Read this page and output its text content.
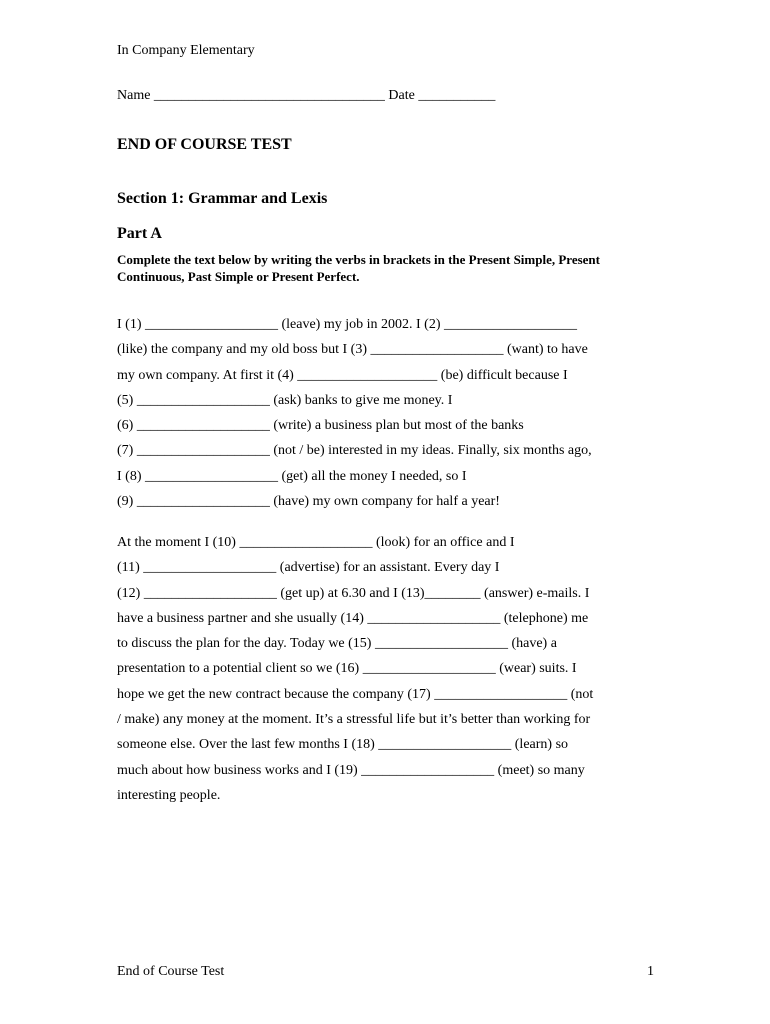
In Company Elementary
Name _________________________________ Date ___________
END OF COURSE TEST
Section 1: Grammar and Lexis
Part A
Complete the text below by writing the verbs in brackets in the Present Simple, Present Continuous, Past Simple or Present Perfect.
I (1) ___________________ (leave) my job in 2002. I (2) ___________________
(like) the company and my old boss but I (3) ___________________ (want) to have
my own company. At first it (4) ____________________ (be) difficult because I
(5) ___________________ (ask) banks to give me money. I
(6) ___________________ (write) a business plan but most of the banks
(7) ___________________ (not / be) interested in my ideas. Finally, six months ago,
I (8) ___________________ (get) all the money I needed, so I
(9) ___________________ (have) my own company for half a year!
At the moment I (10) ___________________ (look) for an office and I
(11) ___________________ (advertise) for an assistant. Every day I
(12) ___________________ (get up) at 6.30 and I (13)________ (answer) e-mails. I
have a business partner and she usually (14) ___________________ (telephone) me
to discuss the plan for the day. Today we (15) ___________________ (have) a
presentation to a potential client so we (16) ___________________ (wear) suits. I
hope we get the new contract because the company (17) ___________________ (not
/ make) any money at the moment. It’s a stressful life but it’s better than working for
someone else. Over the last few months I (18) ___________________ (learn) so
much about how business works and I (19) ___________________ (meet) so many
interesting people.
End of Course Test	1
